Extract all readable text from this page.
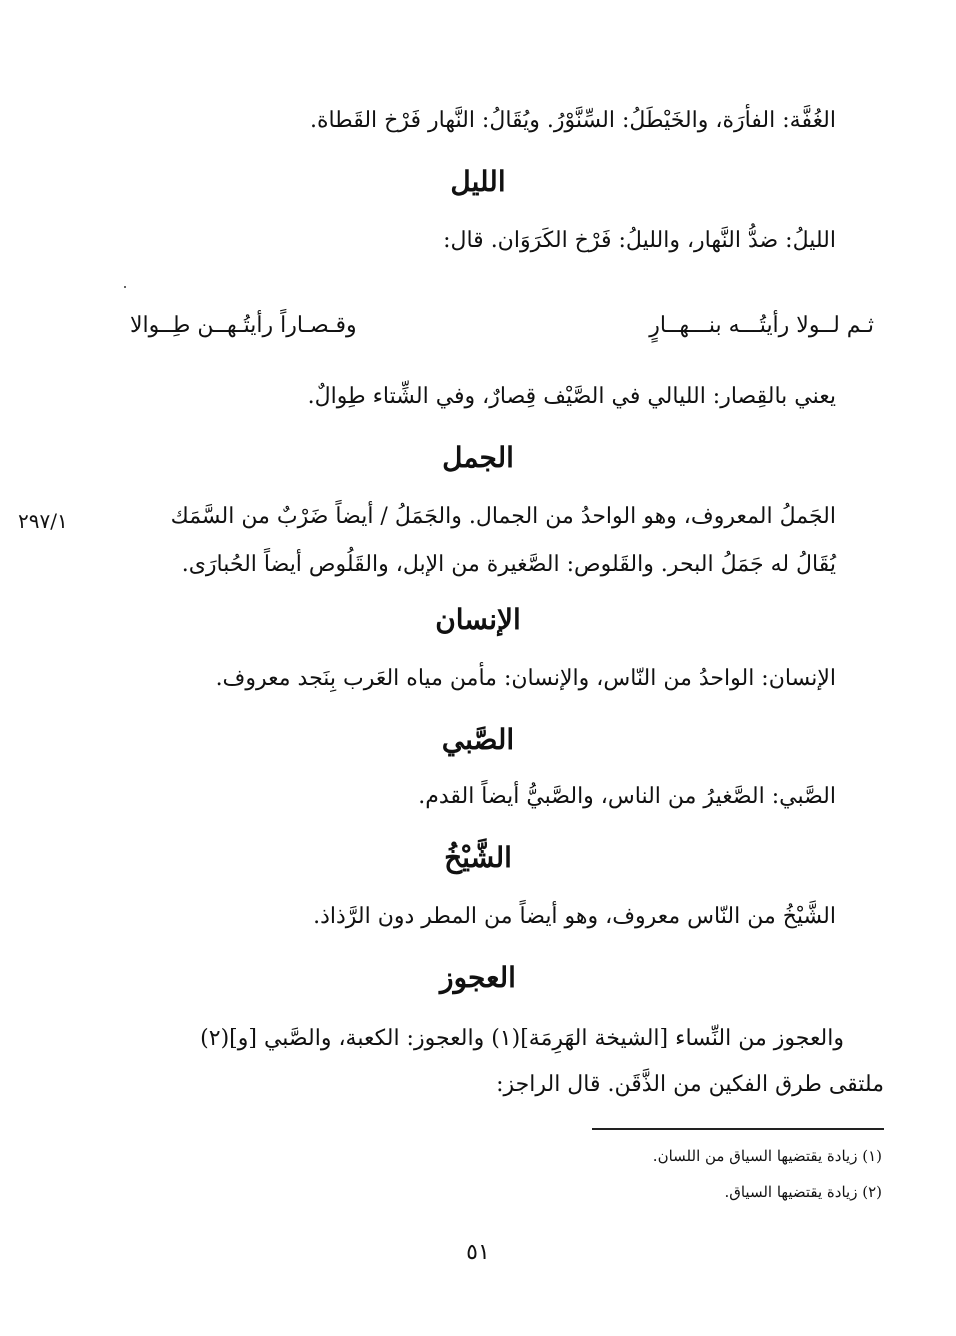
الغُفَّة: الفأرَة، والخَيْطَلُ: السِّنَّوْرُ. ويُقَالُ: النَّهار فَرْخ القَطاة.
الليل
الليلُ: ضدُّ النَّهار، والليلُ: فَرْخ الكَرَوَان. قال:
ثـم لــولا رأيتُـــه بنـــهــارٍ
وقـصـاراً رأيتُـهــن طِــوالا
يعني بالقِصار: الليالي في الصَّيْف قِصارٌ، وفي الشِّتاء طِوالٌ.
الجمل
الجَملُ المعروف، وهو الواحدُ من الجمال. والجَمَلُ / أيضاً ضَرْبٌ من السَّمَك
٢٩٧/١
يُقَالُ له جَمَلُ البحر. والقَلوص: الصَّغيرة من الإبل، والقَلُوص أيضاً الحُبارَى.
الإنسان
الإنسان: الواحدُ من النّاس، والإنسان: مأمن مياه العَرب بِنَجد معروف.
الصَّبي
الصَّبي: الصَّغيرُ من الناس، والصَّبيُّ أيضاً القدم.
الشَّيْخُ
الشَّيْخُ من النّاس معروف، وهو أيضاً من المطر دون الرَّذاذ.
العجوز
والعجوز من النِّساء [الشيخة الهَرِمَة](١) والعجوز: الكعبة، والصَّبي [و](٢)
ملتقى طرق الفكين من الذَّقَن. قال الراجز:
(١) زيادة يقتضيها السياق من اللسان.
(٢) زيادة يقتضيها السياق.
٥١
